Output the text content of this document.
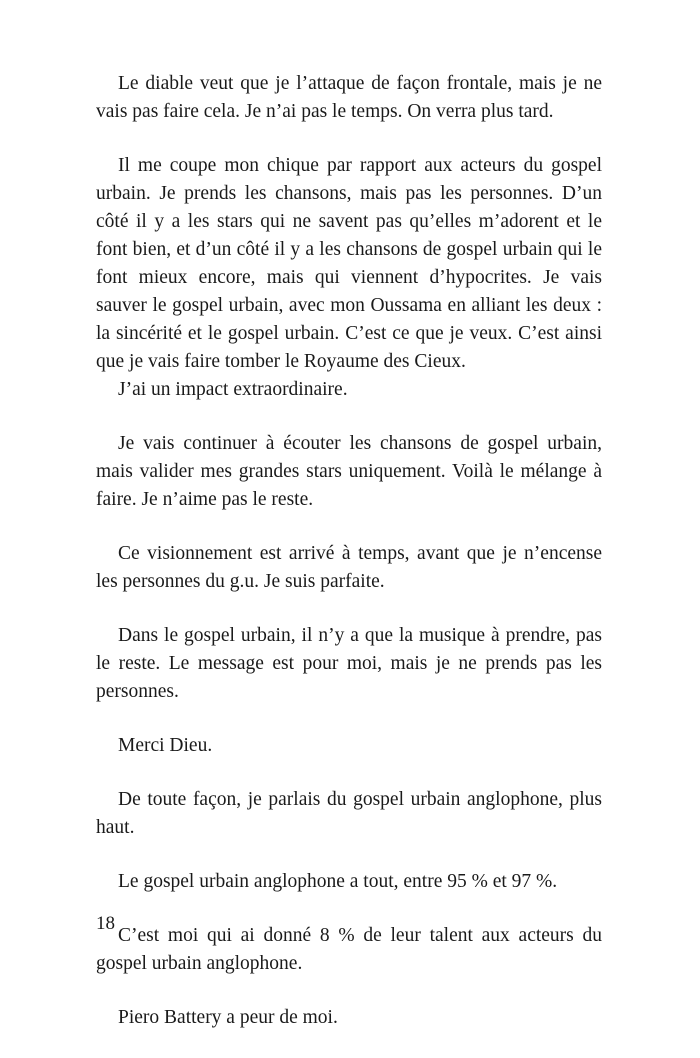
Le diable veut que je l’attaque de façon frontale, mais je ne vais pas faire cela. Je n’ai pas le temps. On verra plus tard.

Il me coupe mon chique par rapport aux acteurs du gospel urbain. Je prends les chansons, mais pas les personnes. D’un côté il y a les stars qui ne savent pas qu’elles m’adorent et le font bien, et d’un côté il y a les chansons de gospel urbain qui le font mieux encore, mais qui viennent d’hypocrites. Je vais sauver le gospel urbain, avec mon Oussama en alliant les deux : la sincérité et le gospel urbain. C’est ce que je veux. C’est ainsi que je vais faire tomber le Royaume des Cieux.

J’ai un impact extraordinaire.

Je vais continuer à écouter les chansons de gospel urbain, mais valider mes grandes stars uniquement. Voilà le mélange à faire. Je n’aime pas le reste.

Ce visionnement est arrivé à temps, avant que je n’encense les personnes du g.u. Je suis parfaite.

Dans le gospel urbain, il n’y a que la musique à prendre, pas le reste. Le message est pour moi, mais je ne prends pas les personnes.

Merci Dieu.

De toute façon, je parlais du gospel urbain anglophone, plus haut.

Le gospel urbain anglophone a tout, entre 95 % et 97 %.

C’est moi qui ai donné 8 % de leur talent aux acteurs du gospel urbain anglophone.

Piero Battery a peur de moi.

18
